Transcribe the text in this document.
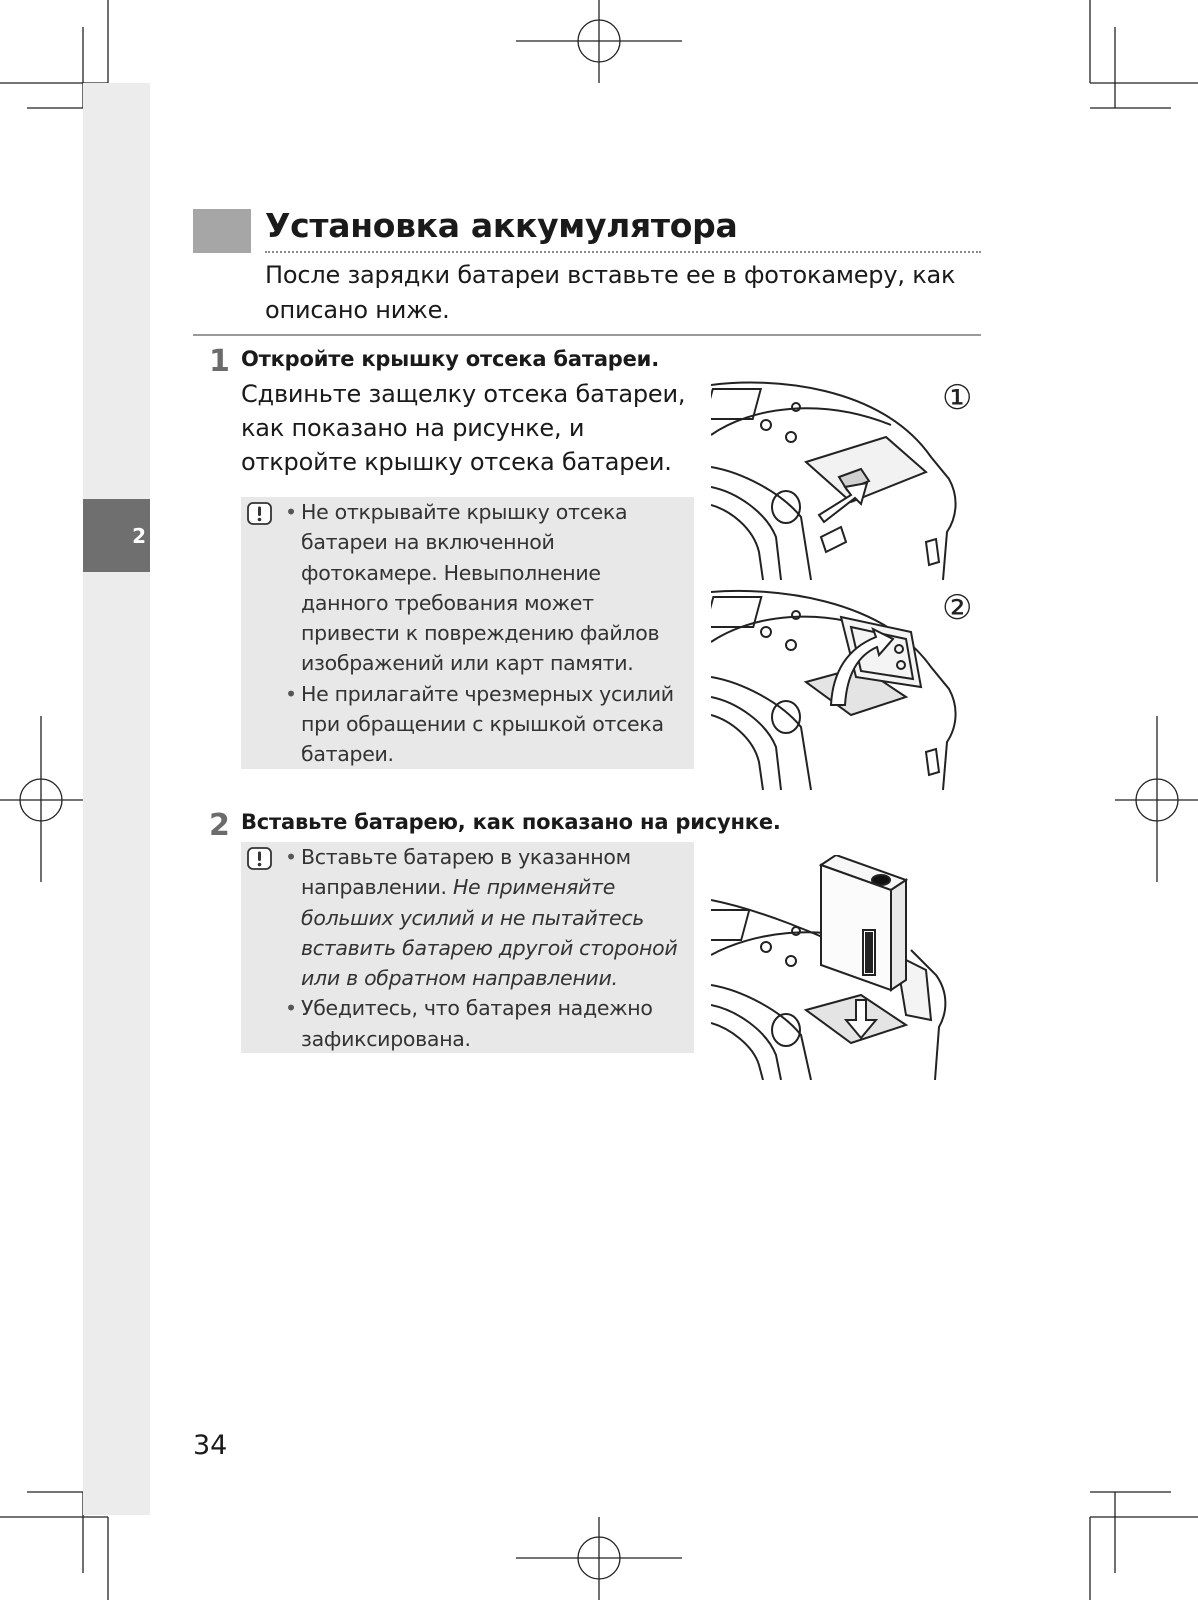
2
Установка аккумулятора
После зарядки батареи вставьте ее в фотокамеру, как описано ниже.
1 Откройте крышку отсека батареи.
Сдвиньте защелку отсека батареи, как показано на рисунке, и откройте крышку отсека батареи.
• Не открывайте крышку отсека батареи на включенной фотокамере. Невыполнение данного требования может привести к повреждению файлов изображений или карт памяти.
• Не прилагайте чрезмерных усилий при обращении с крышкой отсека батареи.
①
②
2 Вставьте батарею, как показано на рисунке.
• Вставьте батарею в указанном направлении. Не применяйте больших усилий и не пытайтесь вставить батарею другой стороной или в обратном направлении.
• Убедитесь, что батарея надежно зафиксирована.
34
